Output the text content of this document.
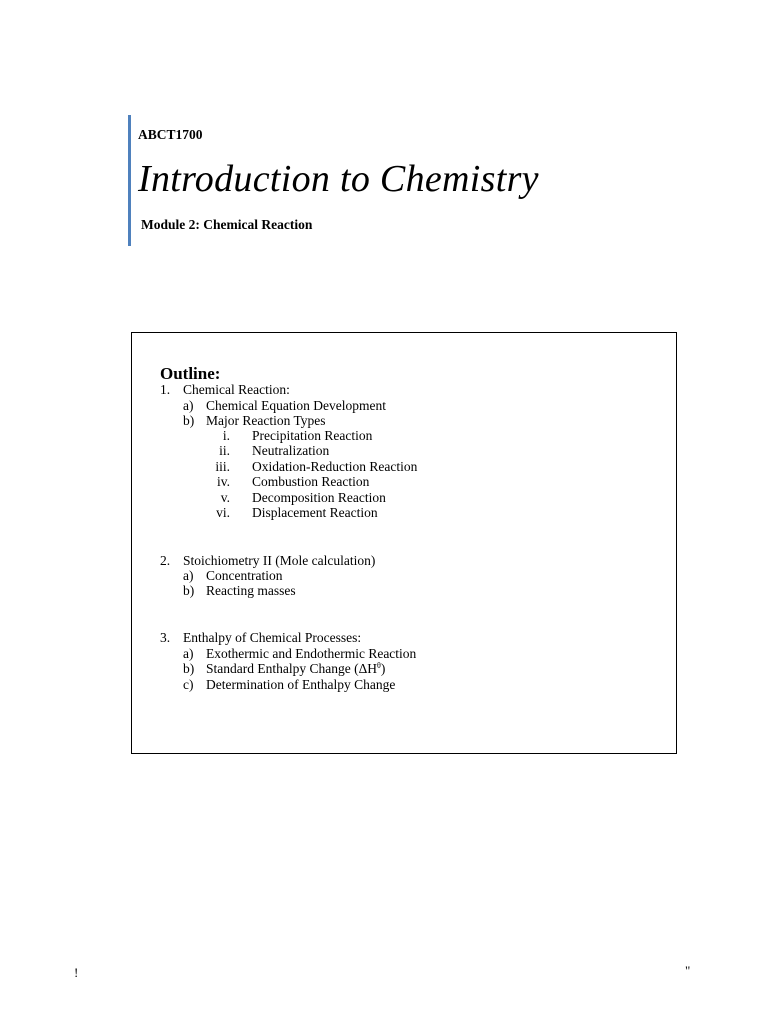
ABCT1700
Introduction to Chemistry
Module 2: Chemical Reaction
Outline:
1. Chemical Reaction:
a) Chemical Equation Development
b) Major Reaction Types
i. Precipitation Reaction
ii. Neutralization
iii. Oxidation-Reduction Reaction
iv. Combustion Reaction
v. Decomposition Reaction
vi. Displacement Reaction
2. Stoichiometry II (Mole calculation)
a) Concentration
b) Reacting masses
3. Enthalpy of Chemical Processes:
a) Exothermic and Endothermic Reaction
b) Standard Enthalpy Change $(\Delta H^\theta)$
c) Determination of Enthalpy Change
!	"
